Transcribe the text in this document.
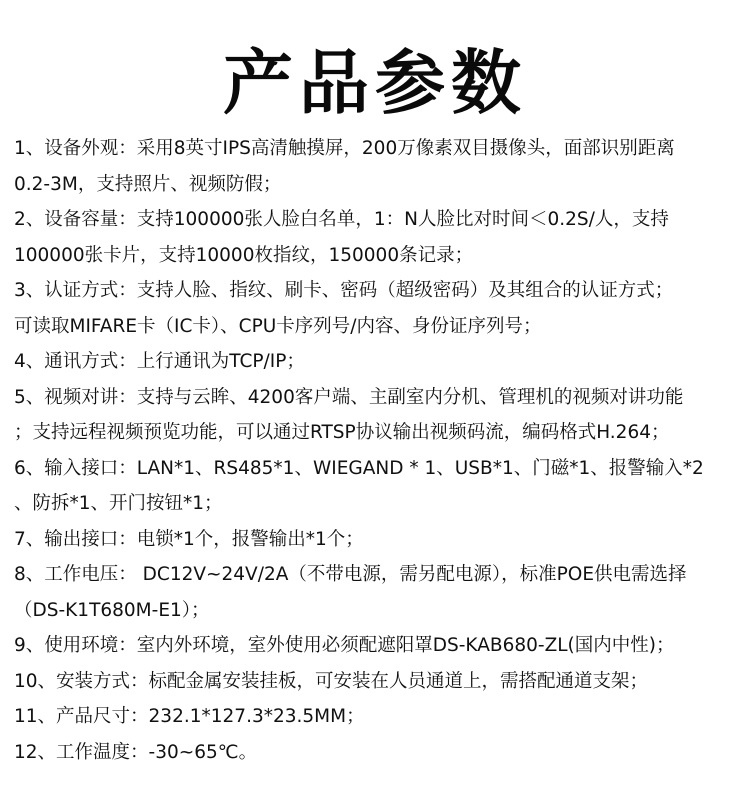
产品参数
1、设备外观：采用8英寸IPS高清触摸屏，200万像素双目摄像头，面部识别距离
0.2-3M，支持照片、视频防假；
2、设备容量：支持100000张人脸白名单，1：N人脸比对时间＜0.2S/人，支持
100000张卡片，支持10000枚指纹，150000条记录；
3、认证方式：支持人脸、指纹、刷卡、密码（超级密码）及其组合的认证方式；
可读取MIFARE卡（IC卡）、CPU卡序列号/内容、身份证序列号；
4、通讯方式：上行通讯为TCP/IP；
5、视频对讲：支持与云眸、4200客户端、主副室内分机、管理机的视频对讲功能
；支持远程视频预览功能，可以通过RTSP协议输出视频码流，编码格式H.264；
6、输入接口：LAN*1、RS485*1、WIEGAND * 1、USB*1、门磁*1、报警输入*2
、防拆*1、开门按钮*1；
7、输出接口：电锁*1个，报警输出*1个；
8、工作电压： DC12V~24V/2A（不带电源，需另配电源），标准POE供电需选择
（DS-K1T680M-E1）；
9、使用环境：室内外环境，室外使用必须配遮阳罩DS-KAB680-ZL(国内中性)；
10、安装方式：标配金属安装挂板，可安装在人员通道上，需搭配通道支架；
11、产品尺寸：232.1*127.3*23.5MM；
12、工作温度：-30~65℃。
